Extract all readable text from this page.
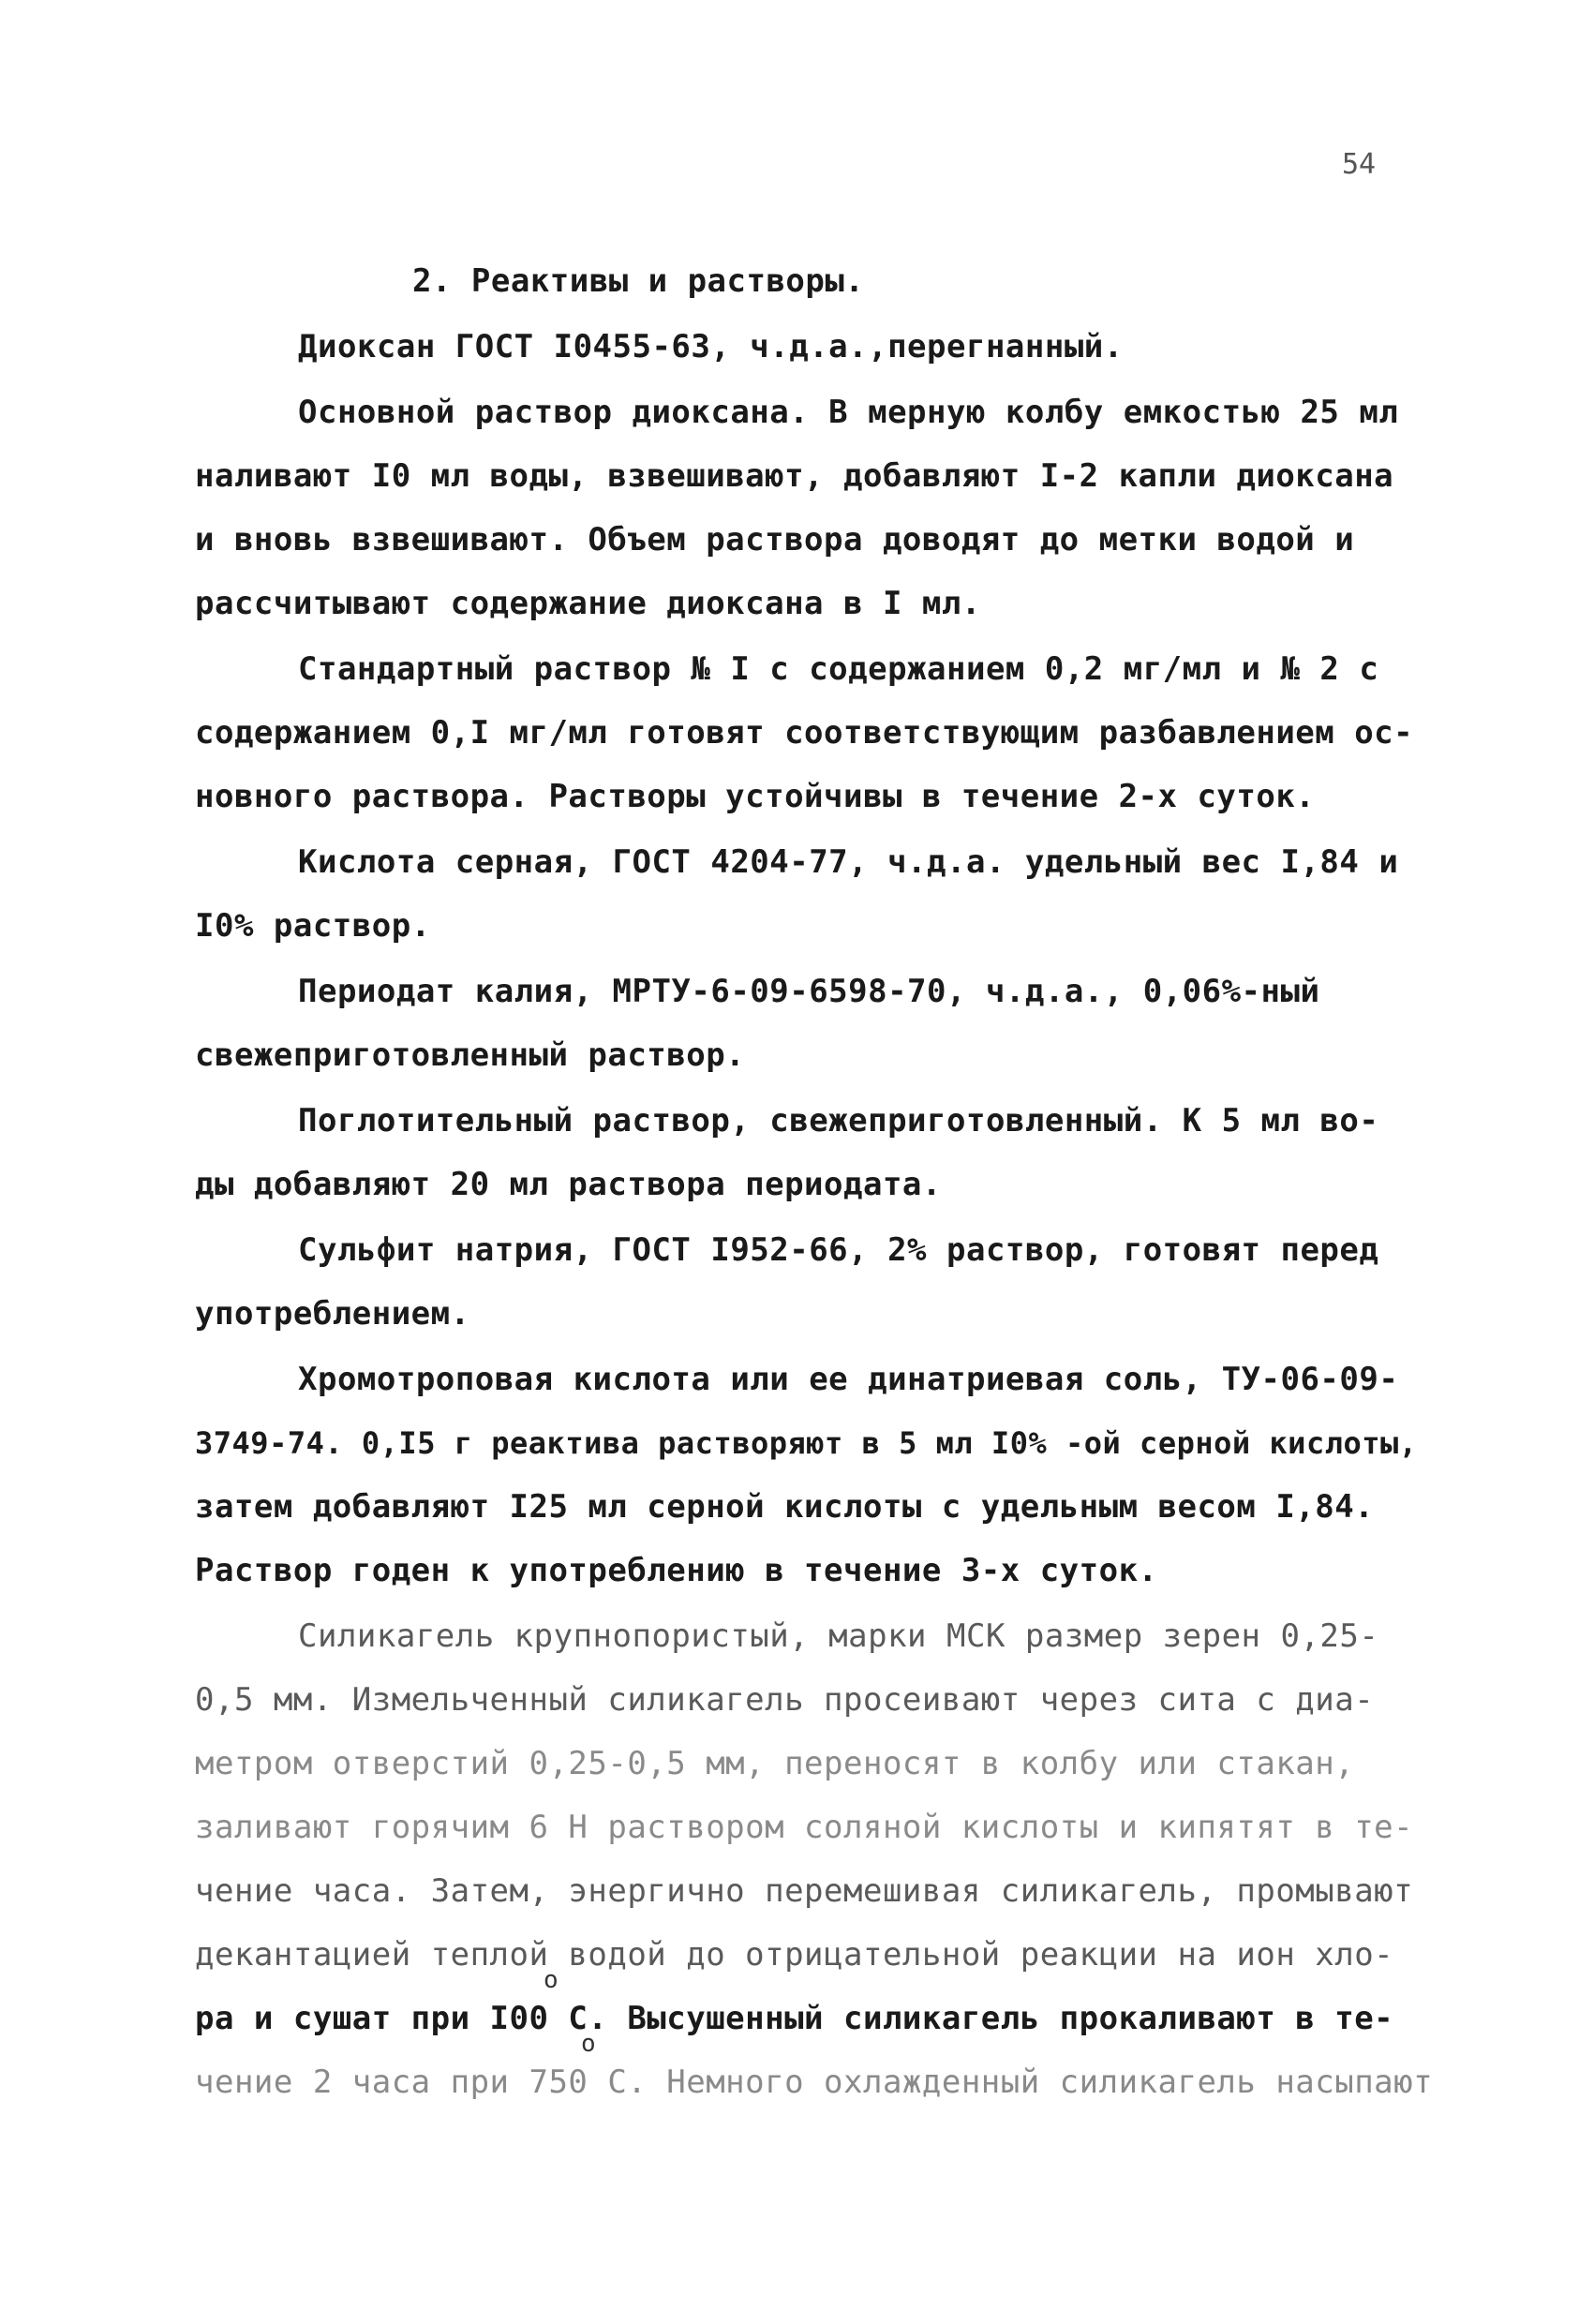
54
2. Реактивы и растворы.
Диоксан ГОСТ I0455-63, ч.д.а.,перегнанный.
Основной раствор диоксана. В мерную колбу емкостью 25 мл
наливают I0 мл воды, взвешивают, добавляют I-2 капли диоксана
и вновь взвешивают. Объем раствора доводят до метки водой и
рассчитывают содержание диоксана в I мл.
Стандартный раствор № I с содержанием 0,2 мг/мл и № 2 с
содержанием 0,I мг/мл готовят соответствующим разбавлением ос-
новного раствора. Растворы устойчивы в течение 2-х суток.
Кислота серная, ГОСТ 4204-77, ч.д.а. удельный вес I,84 и
I0% раствор.
Периодат калия, МРТУ-6-09-6598-70, ч.д.а., 0,06%-ный
свежеприготовленный раствор.
Поглотительный раствор, свежеприготовленный. К 5 мл во-
ды добавляют 20 мл раствора периодата.
Сульфит натрия, ГОСТ I952-66, 2% раствор, готовят перед
употреблением.
Хромотроповая кислота или ее динатриевая соль, ТУ-06-09-
3749-74. 0,I5 г реактива растворяют в 5 мл I0% -ой серной кислоты,
затем добавляют I25 мл серной кислоты с удельным весом I,84.
Раствор годен к употреблению в течение 3-х суток.
Силикагель крупнопористый, марки МСК размер зерен 0,25-
0,5 мм. Измельченный силикагель просеивают через сита с диа-
метром отверстий 0,25-0,5 мм, переносят в колбу или стакан,
заливают горячим 6 Н раствором соляной кислоты и кипятят в те-
чение часа. Затем, энергично перемешивая силикагель, промывают
декантацией теплой водой до отрицательной реакции на ион хло-
о
ра и сушат при I00 С. Высушенный силикагель прокаливают в те-
о
чение 2 часа при 750 С. Немного охлажденный силикагель насыпают
